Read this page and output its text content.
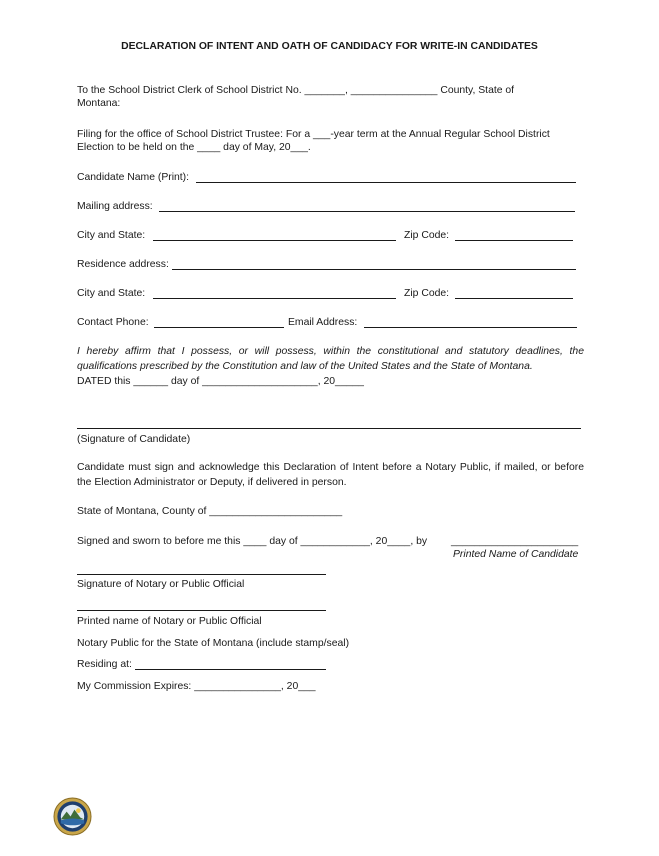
DECLARATION OF INTENT AND OATH OF CANDIDACY FOR WRITE-IN CANDIDATES
To the School District Clerk of School District No. _______, _______________ County, State of
Montana:
Filing for the office of School District Trustee: For a ___-year term at the Annual Regular School District
Election to be held on the ____ day of May, 20___.
Candidate Name (Print):
Mailing address:
City and State:	Zip Code:
Residence address:
City and State:	Zip Code:
Contact Phone:	Email Address:
I hereby affirm that I possess, or will possess, within the constitutional and statutory deadlines, the qualifications prescribed by the Constitution and law of the United States and the State of Montana.
DATED this ______ day of ____________________, 20_____
(Signature of Candidate)
Candidate must sign and acknowledge this Declaration of Intent before a Notary Public, if mailed, or before the Election Administrator or Deputy, if delivered in person.
State of Montana, County of _______________________
Signed and sworn to before me this ____ day of ____________, 20____, by ______________________
Printed Name of Candidate
Signature of Notary or Public Official
Printed name of Notary or Public Official
Notary Public for the State of Montana (include stamp/seal)
Residing at:
My Commission Expires: _______________, 20___
